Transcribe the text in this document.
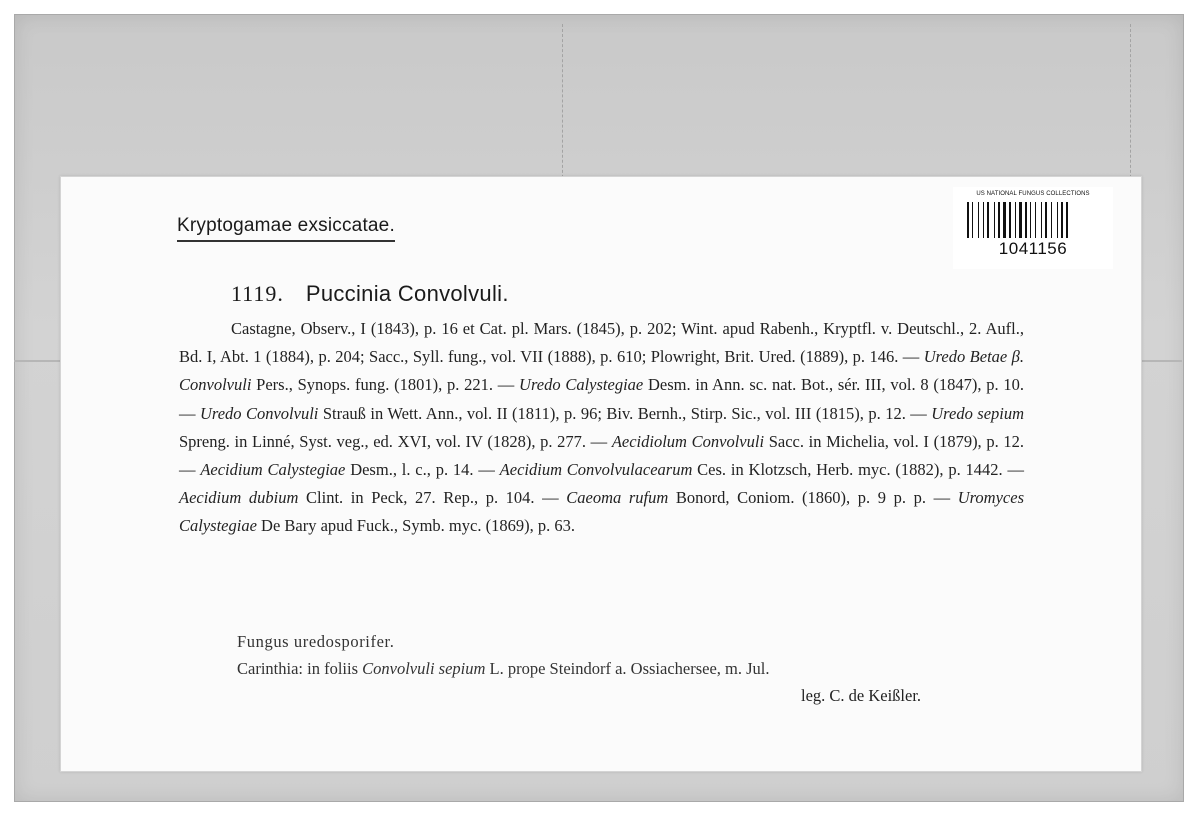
Kryptogamae exsiccatae.
US NATIONAL FUNGUS COLLECTIONS
1041156
1119. Puccinia Convolvuli.
Castagne, Observ., I (1843), p. 16 et Cat. pl. Mars. (1845), p. 202; Wint. apud Rabenh., Kryptfl. v. Deutschl., 2. Aufl., Bd. I, Abt. 1 (1884), p. 204; Sacc., Syll. fung., vol. VII (1888), p. 610; Plowright, Brit. Ured. (1889), p. 146. — Uredo Betae β. Convolvuli Pers., Synops. fung. (1801), p. 221. — Uredo Calystegiae Desm. in Ann. sc. nat. Bot., sér. III, vol. 8 (1847), p. 10. — Uredo Convolvuli Strauß in Wett. Ann., vol. II (1811), p. 96; Biv. Bernh., Stirp. Sic., vol. III (1815), p. 12. — Uredo sepium Spreng. in Linné, Syst. veg., ed. XVI, vol. IV (1828), p. 277. — Aecidiolum Convolvuli Sacc. in Michelia, vol. I (1879), p. 12. — Aecidium Calystegiae Desm., l. c., p. 14. — Aecidium Convolvulacearum Ces. in Klotzsch, Herb. myc. (1882), p. 1442. — Aecidium dubium Clint. in Peck, 27. Rep., p. 104. — Caeoma rufum Bonord, Coniom. (1860), p. 9 p. p. — Uromyces Calystegiae De Bary apud Fuck., Symb. myc. (1869), p. 63.
Fungus uredosporifer.
Carinthia: in foliis Convolvuli sepium L. prope Steindorf a. Ossiachersee, m. Jul.
leg. C. de Keißler.
